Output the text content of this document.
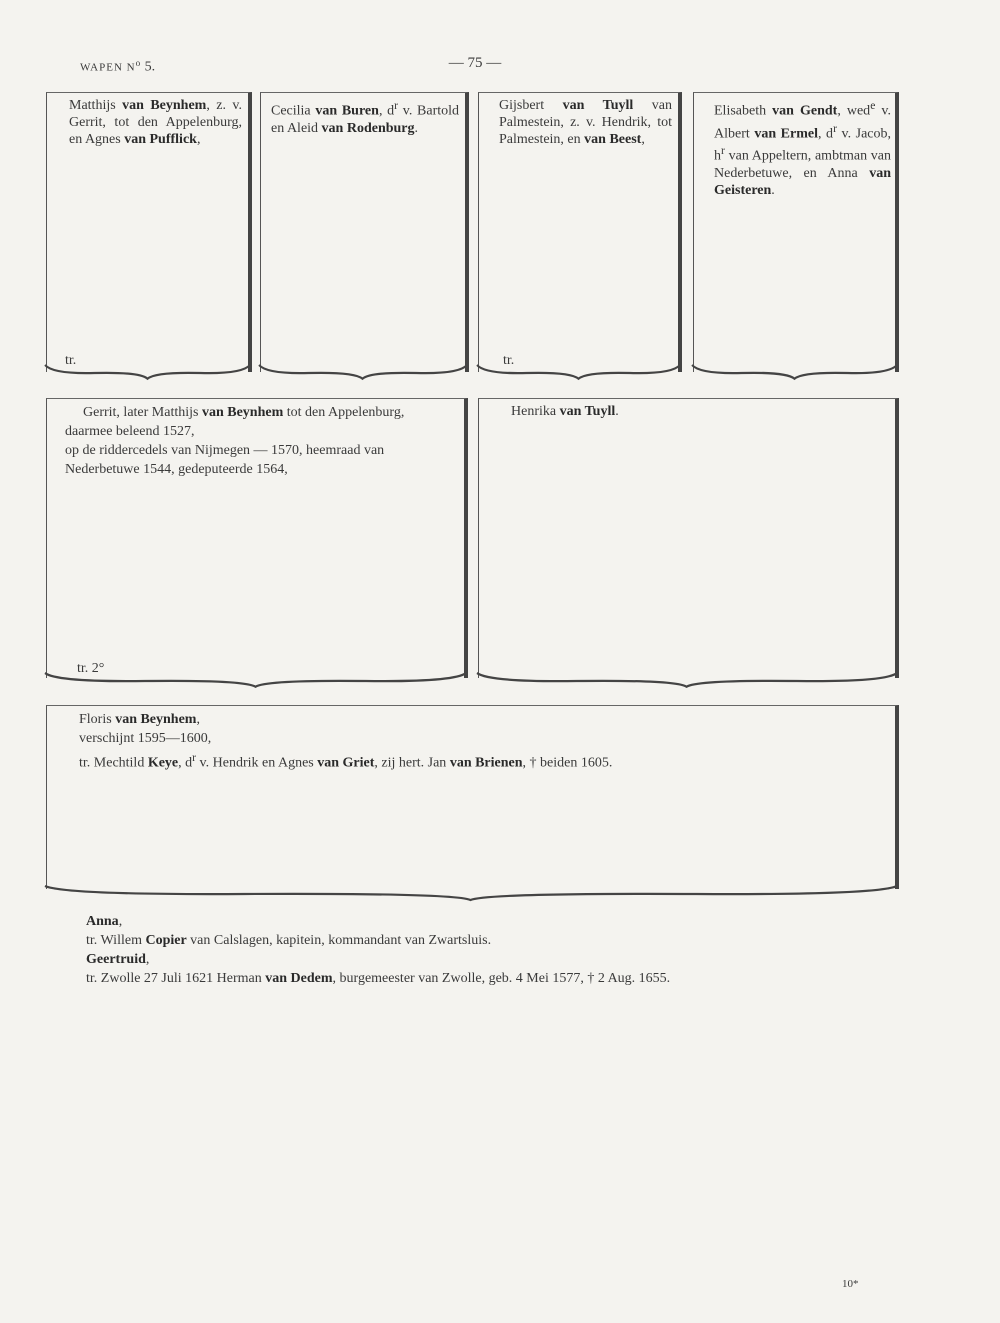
WAPEN $N^o$ 5.	— 75 —
Matthijs van Beynhem, z. v. Gerrit, tot den Appelenburg, en Agnes van Pufflick,
tr.
Cecilia van Buren, $d^r$ v. Bartold en Aleid van Rodenburg.
Gijsbert van Tuyll van Palmestein, z. v. Hendrik, tot Palmestein, en van Beest,
tr.
Elisabeth van Gendt, wed$^e$ v. Albert van Ermel, $d^r$ v. Jacob, $h^r$ van Appeltern, ambtman van Nederbetuwe, en Anna van Geisteren.
Gerrit, later Matthijs van Beynhem tot den Appelenburg,
daarmee beleend 1527,
op de riddercedels van Nijmegen — 1570, heemraad van
Nederbetuwe 1544, gedeputeerde 1564,
tr. 2°
Henrika van Tuyll.
Floris van Beynhem,
verschijnt 1595—1600,
tr. Mechtild Keye, $d^r$ v. Hendrik en Agnes van Griet, zij hert. Jan van Brienen, † beiden 1605.
Anna,
tr. Willem Copier van Calslagen, kapitein, kommandant van Zwartsluis.
Geertruid,
tr. Zwolle 27 Juli 1621 Herman van Dedem, burgemeester van Zwolle, geb. 4 Mei 1577, † 2 Aug. 1655.
10*
